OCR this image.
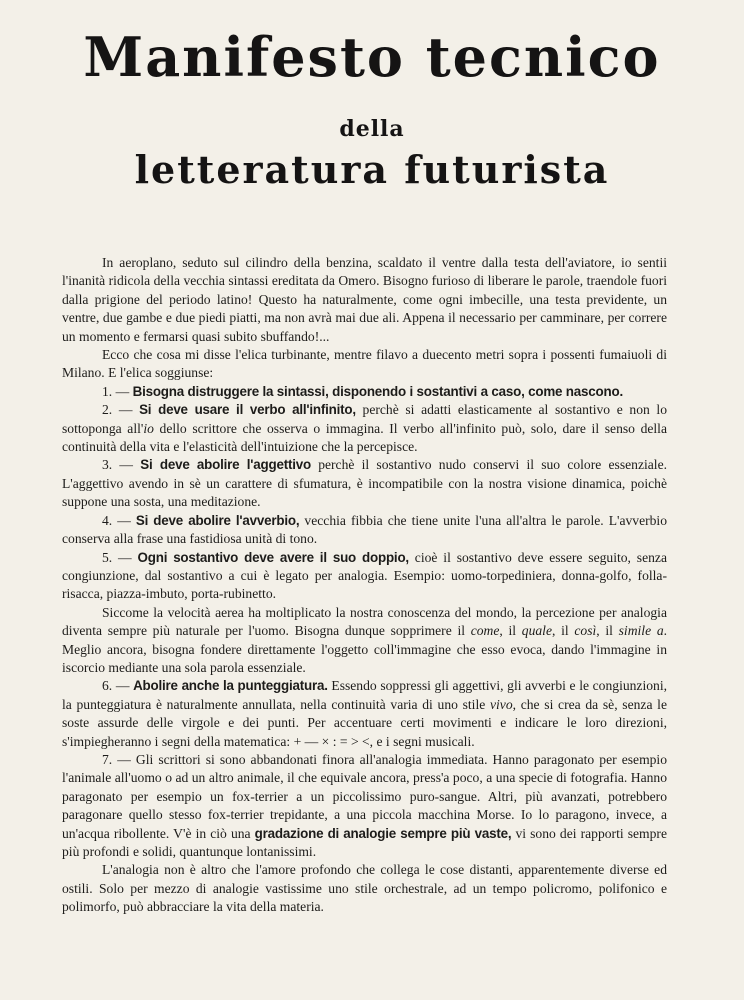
Manifesto tecnico
della
letteratura futurista

In aeroplano, seduto sul cilindro della benzina, scaldato il ventre dalla testa dell'aviatore, io sentii l'inanità ridicola della vecchia sintassi ereditata da Omero. Bisogno furioso di liberare le parole, traendole fuori dalla prigione del periodo latino! Questo ha naturalmente, come ogni imbecille, una testa previdente, un ventre, due gambe e due piedi piatti, ma non avrà mai due ali. Appena il necessario per camminare, per correre un momento e fermarsi quasi subito sbuffando!...

Ecco che cosa mi disse l'elica turbinante, mentre filavo a duecento metri sopra i possenti fumaiuoli di Milano. E l'elica soggiunse:

1. — Bisogna distruggere la sintassi, disponendo i sostantivi a caso, come nascono.

2. — Si deve usare il verbo all'infinito, perchè si adatti elasticamente al sostantivo e non lo sottoponga all'io dello scrittore che osserva o immagina. Il verbo all'infinito può, solo, dare il senso della continuità della vita e l'elasticità dell'intuizione che la percepisce.

3. — Si deve abolire l'aggettivo perchè il sostantivo nudo conservi il suo colore essenziale. L'aggettivo avendo in sè un carattere di sfumatura, è incompatibile con la nostra visione dinamica, poichè suppone una sosta, una meditazione.

4. — Si deve abolire l'avverbio, vecchia fibbia che tiene unite l'una all'altra le parole. L'avverbio conserva alla frase una fastidiosa unità di tono.

5. — Ogni sostantivo deve avere il suo doppio, cioè il sostantivo deve essere seguito, senza congiunzione, dal sostantivo a cui è legato per analogia. Esempio: uomo-torpediniera, donna-golfo, folla-risacca, piazza-imbuto, porta-rubinetto.

Siccome la velocità aerea ha moltiplicato la nostra conoscenza del mondo, la percezione per analogia diventa sempre più naturale per l'uomo. Bisogna dunque sopprimere il come, il quale, il così, il simile a. Meglio ancora, bisogna fondere direttamente l'oggetto coll'immagine che esso evoca, dando l'immagine in iscorcio mediante una sola parola essenziale.

6. — Abolire anche la punteggiatura. Essendo soppressi gli aggettivi, gli avverbi e le congiunzioni, la punteggiatura è naturalmente annullata, nella continuità varia di uno stile vivo, che si crea da sè, senza le soste assurde delle virgole e dei punti. Per accentuare certi movimenti e indicare le loro direzioni, s'impiegheranno i segni della matematica: + — × : = > <, e i segni musicali.

7. — Gli scrittori si sono abbandonati finora all'analogia immediata. Hanno paragonato per esempio l'animale all'uomo o ad un altro animale, il che equivale ancora, press'a poco, a una specie di fotografia. Hanno paragonato per esempio un fox-terrier a un piccolissimo puro-sangue. Altri, più avanzati, potrebbero paragonare quello stesso fox-terrier trepidante, a una piccola macchina Morse. Io lo paragono, invece, a un'acqua ribollente. V'è in ciò una gradazione di analogie sempre più vaste, vi sono dei rapporti sempre più profondi e solidi, quantunque lontanissimi.

L'analogia non è altro che l'amore profondo che collega le cose distanti, apparentemente diverse ed ostili. Solo per mezzo di analogie vastissime uno stile orchestrale, ad un tempo policromo, polifonico e polimorfo, può abbracciare la vita della materia.
